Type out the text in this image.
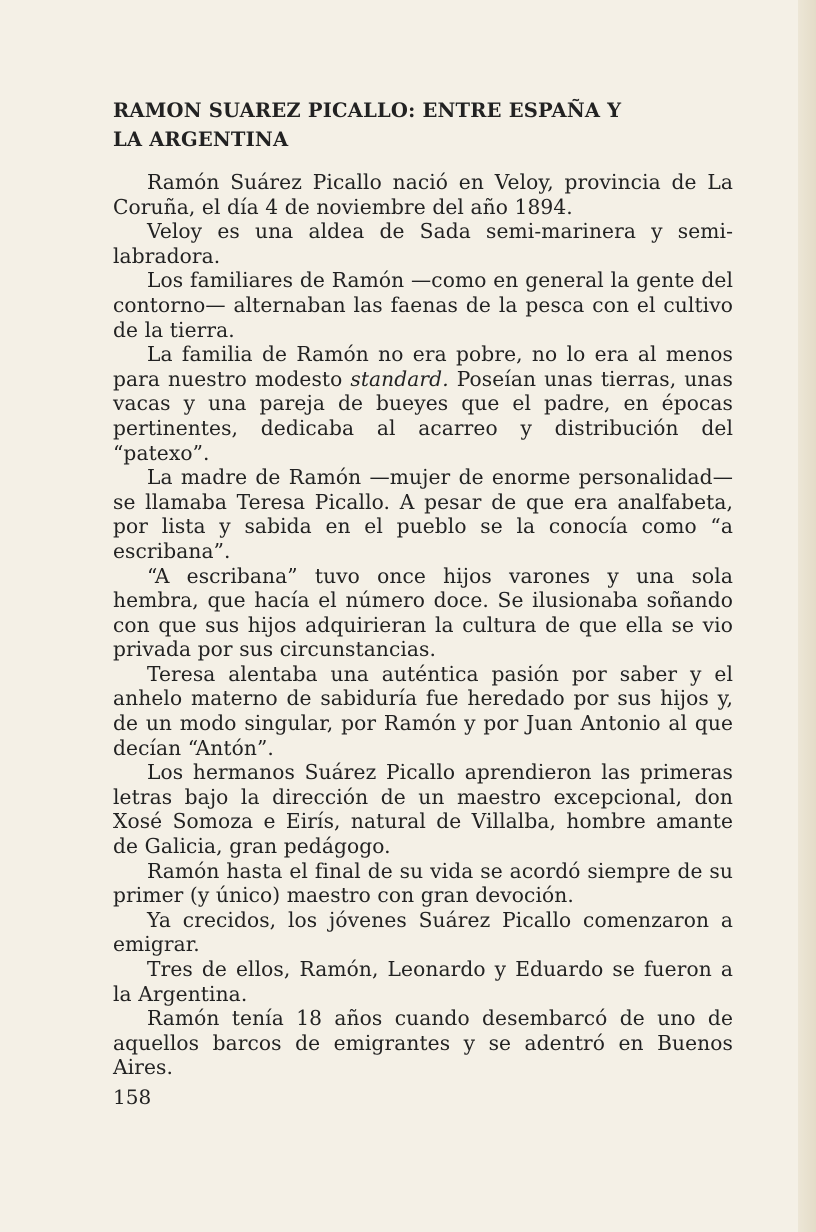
RAMON SUAREZ PICALLO: ENTRE ESPAÑA Y
LA ARGENTINA

Ramón Suárez Picallo nació en Veloy, provincia de La Coruña, el día 4 de noviembre del año 1894.

Veloy es una aldea de Sada semi-marinera y semi-labradora.

Los familiares de Ramón —como en general la gente del contorno— alternaban las faenas de la pesca con el cultivo de la tierra.

La familia de Ramón no era pobre, no lo era al menos para nuestro modesto standard. Poseían unas tierras, unas vacas y una pareja de bueyes que el padre, en épocas pertinentes, dedicaba al acarreo y distribución del “patexo”.

La madre de Ramón —mujer de enorme personalidad— se llamaba Teresa Picallo. A pesar de que era analfabeta, por lista y sabida en el pueblo se la conocía como “a escribana”.

“A escribana” tuvo once hijos varones y una sola hembra, que hacía el número doce. Se ilusionaba soñando con que sus hijos adquirieran la cultura de que ella se vio privada por sus circunstancias.

Teresa alentaba una auténtica pasión por saber y el anhelo materno de sabiduría fue heredado por sus hijos y, de un modo singular, por Ramón y por Juan Antonio al que decían “Antón”.

Los hermanos Suárez Picallo aprendieron las primeras letras bajo la dirección de un maestro excepcional, don Xosé Somoza e Eirís, natural de Villalba, hombre amante de Galicia, gran pedágogo.

Ramón hasta el final de su vida se acordó siempre de su primer (y único) maestro con gran devoción.

Ya crecidos, los jóvenes Suárez Picallo comenzaron a emigrar.

Tres de ellos, Ramón, Leonardo y Eduardo se fueron a la Argentina.

Ramón tenía 18 años cuando desembarcó de uno de aquellos barcos de emigrantes y se adentró en Buenos Aires.

158
